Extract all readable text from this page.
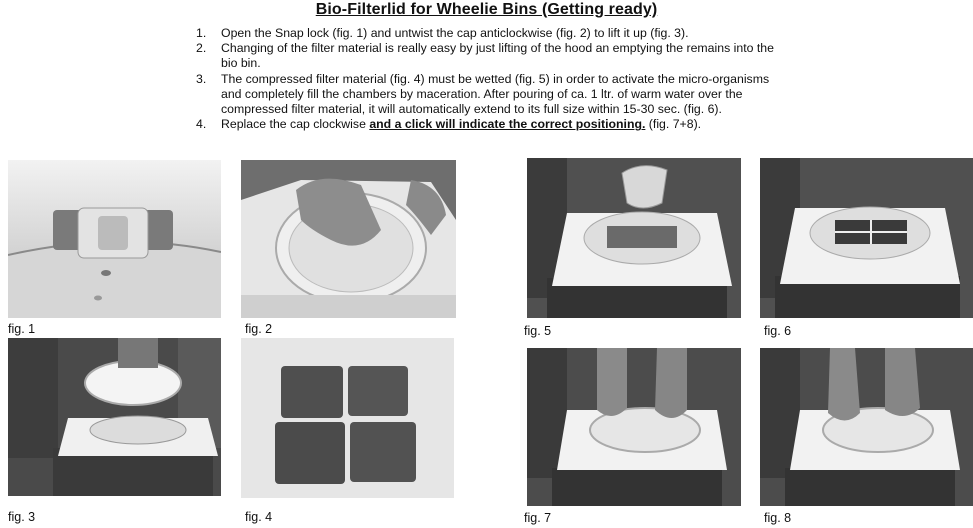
Bio-Filterlid for Wheelie Bins (Getting ready)
1.	Open the Snap lock (fig. 1) and untwist the cap anticlockwise (fig. 2) to lift it up (fig. 3).
2.	Changing of the filter material is really easy by just lifting of the hood an emptying the remains into the bio bin.
3.	The compressed filter material (fig. 4) must be wetted (fig. 5) in order to activate the micro-organisms and completely fill the chambers by maceration. After pouring of ca. 1 ltr. of warm water over the compressed filter material, it will automatically extend to its full size within 15-30 sec. (fig. 6).
4.	Replace the cap clockwise and a click will indicate the correct positioning. (fig. 7+8).
fig. 1	fig. 2
fig. 3	fig. 4
fig. 5	fig. 6
fig. 7	fig. 8
